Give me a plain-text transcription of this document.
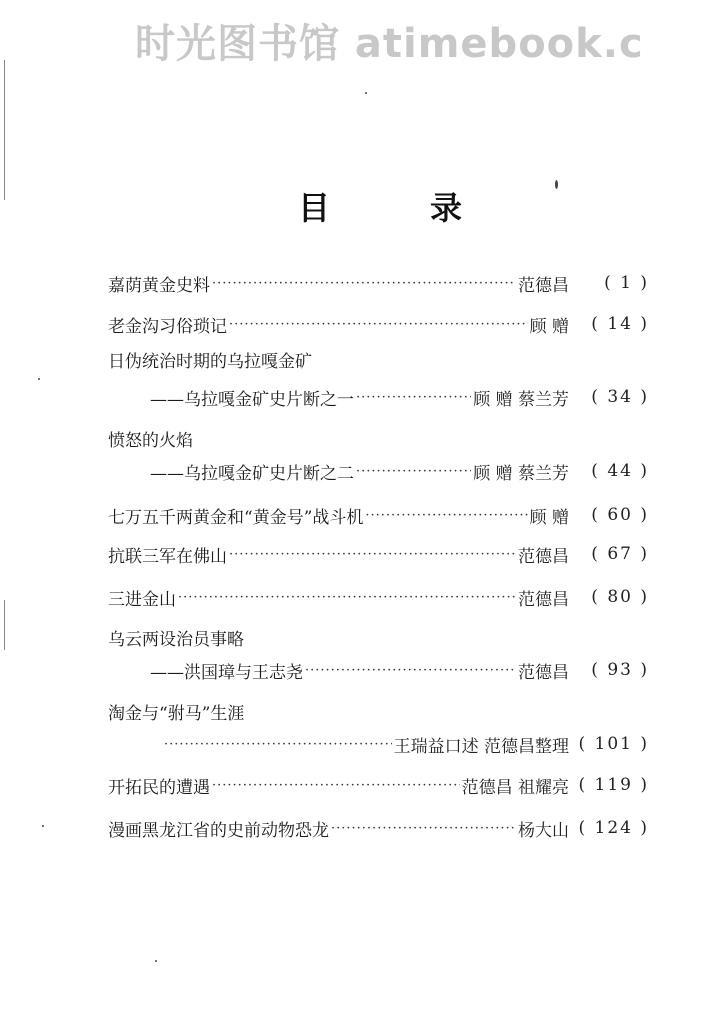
时光图书馆 atimebook.c
目	录
嘉荫黄金史料 ·····	范德昌	( 1 )
老金沟习俗琐记 ·····	顾 赠	( 14 )
日伪统治时期的乌拉嘎金矿
——乌拉嘎金矿史片断之一 ·····	顾 赠 蔡兰芳	( 34 )
愤怒的火焰
——乌拉嘎金矿史片断之二 ·····	顾 赠 蔡兰芳	( 44 )
七万五千两黄金和“黄金号”战斗机 ·····	顾 赠	( 60 )
抗联三军在佛山 ·····	范德昌	( 67 )
三进金山 ·····	范德昌	( 80 )
乌云两设治员事略
——洪国璋与王志尧 ·····	范德昌	( 93 )
淘金与“驸马”生涯
·····
王瑞益口述 范德昌整理 ( 101 )
开拓民的遭遇 ·····	范德昌 祖耀亮 ( 119 )
漫画黑龙江省的史前动物恐龙 ·····	杨大山 ( 124 )
